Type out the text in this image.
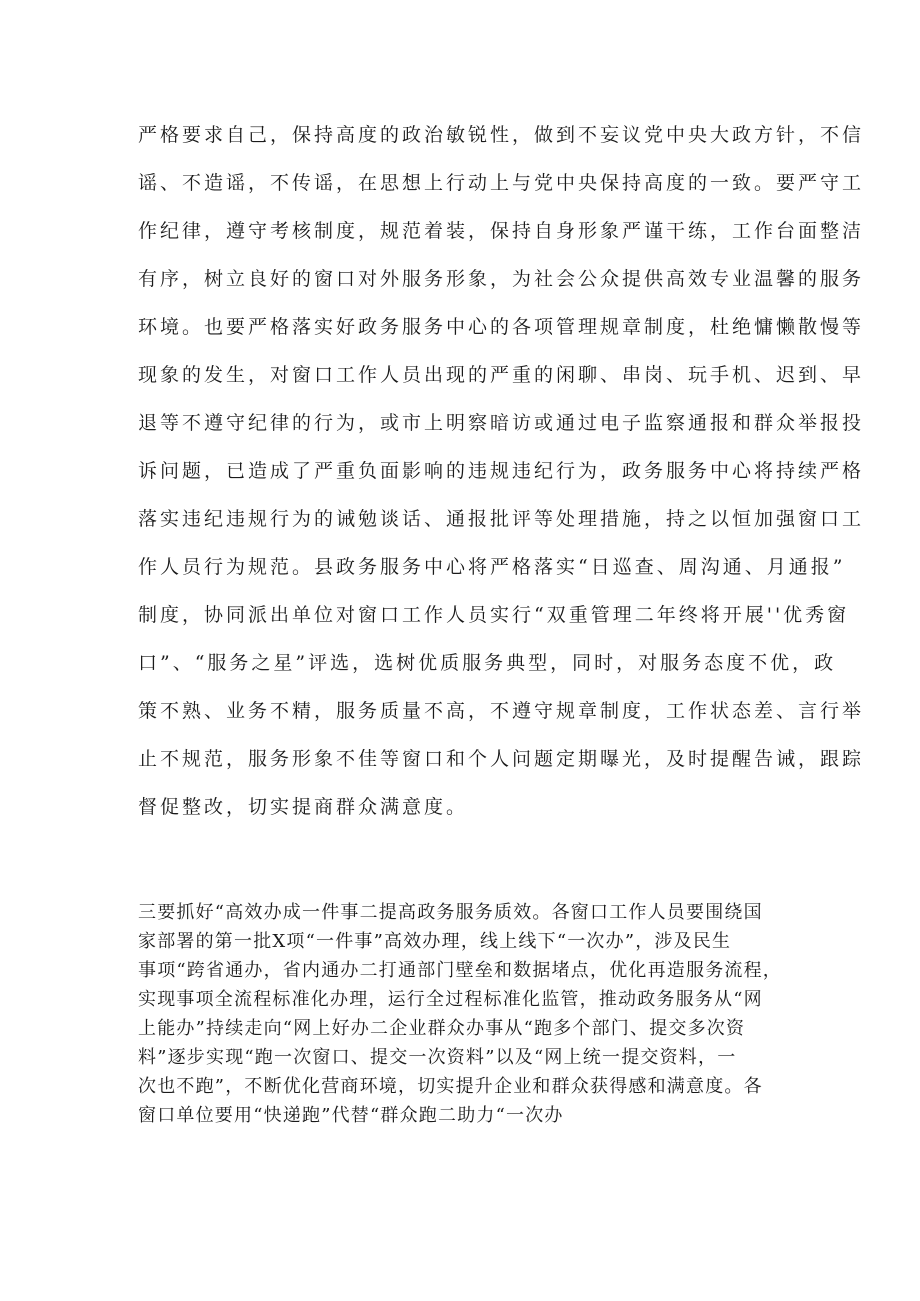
严格要求自己，保持高度的政治敏锐性，做到不妄议党中央大政方针，不信
谣、不造谣，不传谣，在思想上行动上与党中央保持高度的一致。要严守工
作纪律，遵守考核制度，规范着装，保持自身形象严谨干练，工作台面整洁
有序，树立良好的窗口对外服务形象，为社会公众提供高效专业温馨的服务
环境。也要严格落实好政务服务中心的各项管理规章制度，杜绝慵懒散慢等
现象的发生，对窗口工作人员出现的严重的闲聊、串岗、玩手机、迟到、早
退等不遵守纪律的行为，或市上明察暗访或通过电子监察通报和群众举报投
诉问题，已造成了严重负面影响的违规违纪行为，政务服务中心将持续严格
落实违纪违规行为的诫勉谈话、通报批评等处理措施，持之以恒加强窗口工
作人员行为规范。县政务服务中心将严格落实“日巡查、周沟通、月通报”
制度，协同派出单位对窗口工作人员实行“双重管理二年终将开展''优秀窗
口”、“服务之星”评选，选树优质服务典型，同时，对服务态度不优，政
策不熟、业务不精，服务质量不高，不遵守规章制度，工作状态差、言行举
止不规范，服务形象不佳等窗口和个人问题定期曝光，及时提醒告诫，跟踪
督促整改，切实提商群众满意度。
三要抓好“高效办成一件事二提高政务服务质效。各窗口工作人员要围绕国
家部署的第一批X项“一件事”高效办理，线上线下“一次办”，涉及民生
事项“跨省通办，省内通办二打通部门壁垒和数据堵点，优化再造服务流程，
实现事项全流程标准化办理，运行全过程标准化监管，推动政务服务从“网
上能办”持续走向“网上好办二企业群众办事从“跑多个部门、提交多次资
料”逐步实现“跑一次窗口、提交一次资料”以及“网上统一提交资料，一
次也不跑”，不断优化营商环境，切实提升企业和群众获得感和满意度。各
窗口单位要用“快递跑”代替“群众跑二助力“一次办
